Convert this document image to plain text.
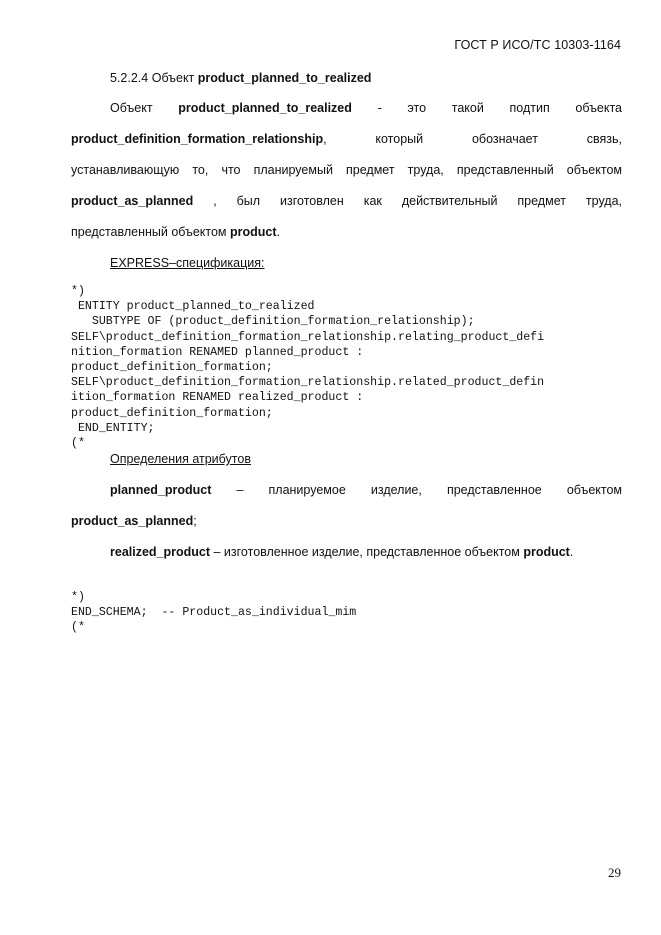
ГОСТ Р ИСО/ТС 10303-1164
5.2.2.4 Объект product_planned_to_realized
Объект product_planned_to_realized - это такой подтип объекта
product_definition_formation_relationship,	который	обозначает	связь,
устанавливающую то, что планируемый предмет труда, представленный объектом
product_as_planned , был изготовлен как действительный предмет труда,
представленный объектом product.
EXPRESS–спецификация:
*)
ENTITY product_planned_to_realized
SUBTYPE OF (product_definition_formation_relationship);
SELF\product_definition_formation_relationship.relating_product_defi
nition_formation RENAMED planned_product :
product_definition_formation;
SELF\product_definition_formation_relationship.related_product_defin
ition_formation RENAMED realized_product :
product_definition_formation;
END_ENTITY;
(*
Определения атрибутов
planned_product – планируемое изделие, представленное объектом
product_as_planned;
realized_product – изготовленное изделие, представленное объектом product.
*)
END_SCHEMA;  -- Product_as_individual_mim
(*
29
